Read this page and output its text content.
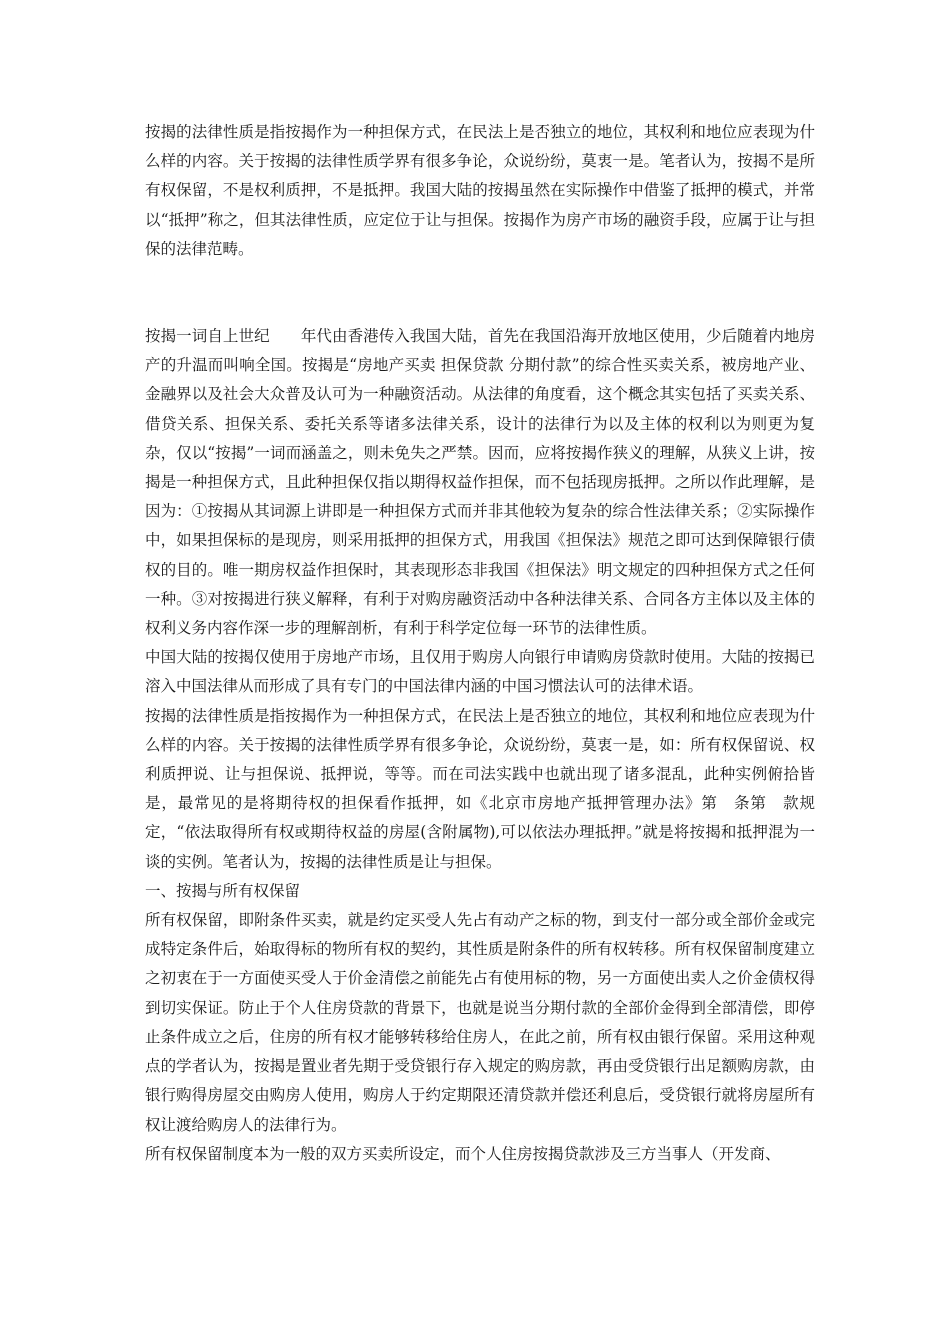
按揭的法律性质是指按揭作为一种担保方式，在民法上是否独立的地位，其权利和地位应表现为什么样的内容。关于按揭的法律性质学界有很多争论，众说纷纷，莫衷一是。笔者认为，按揭不是所有权保留，不是权利质押，不是抵押。我国大陆的按揭虽然在实际操作中借鉴了抵押的模式，并常以“抵押”称之，但其法律性质，应定位于让与担保。按揭作为房产市场的融资手段，应属于让与担保的法律范畴。

按揭一词自上世纪　　年代由香港传入我国大陆，首先在我国沿海开放地区使用，少后随着内地房产的升温而叫响全国。按揭是“房地产买卖 担保贷款 分期付款”的综合性买卖关系，被房地产业、金融界以及社会大众普及认可为一种融资活动。从法律的角度看，这个概念其实包括了买卖关系、借贷关系、担保关系、委托关系等诸多法律关系，设计的法律行为以及主体的权利以为则更为复杂，仅以“按揭”一词而涵盖之，则未免失之严禁。因而，应将按揭作狭义的理解，从狭义上讲，按揭是一种担保方式，且此种担保仅指以期得权益作担保，而不包括现房抵押。之所以作此理解，是因为：①按揭从其词源上讲即是一种担保方式而并非其他较为复杂的综合性法律关系；②实际操作中，如果担保标的是现房，则采用抵押的担保方式，用我国《担保法》规范之即可达到保障银行债权的目的。唯一期房权益作担保时，其表现形态非我国《担保法》明文规定的四种担保方式之任何一种。③对按揭进行狭义解释，有利于对购房融资活动中各种法律关系、合同各方主体以及主体的权利义务内容作深一步的理解剖析，有利于科学定位每一环节的法律性质。

中国大陆的按揭仅使用于房地产市场，且仅用于购房人向银行申请购房贷款时使用。大陆的按揭已溶入中国法律从而形成了具有专门的中国法律内涵的中国习惯法认可的法律术语。

按揭的法律性质是指按揭作为一种担保方式，在民法上是否独立的地位，其权利和地位应表现为什么样的内容。关于按揭的法律性质学界有很多争论，众说纷纷，莫衷一是，如：所有权保留说、权利质押说、让与担保说、抵押说，等等。而在司法实践中也就出现了诸多混乱，此种实例俯拾皆是，最常见的是将期待权的担保看作抵押，如《北京市房地产抵押管理办法》第　条第　款规定，“依法取得所有权或期待权益的房屋(含附属物),可以依法办理抵押。”就是将按揭和抵押混为一谈的实例。笔者认为，按揭的法律性质是让与担保。

一、按揭与所有权保留

所有权保留，即附条件买卖，就是约定买受人先占有动产之标的物，到支付一部分或全部价金或完成特定条件后，始取得标的物所有权的契约，其性质是附条件的所有权转移。所有权保留制度建立之初衷在于一方面使买受人于价金清偿之前能先占有使用标的物，另一方面使出卖人之价金债权得到切实保证。防止于个人住房贷款的背景下，也就是说当分期付款的全部价金得到全部清偿，即停止条件成立之后，住房的所有权才能够转移给住房人，在此之前，所有权由银行保留。采用这种观点的学者认为，按揭是置业者先期于受贷银行存入规定的购房款，再由受贷银行出足额购房款，由银行购得房屋交由购房人使用，购房人于约定期限还清贷款并偿还利息后，受贷银行就将房屋所有权让渡给购房人的法律行为。

所有权保留制度本为一般的双方买卖所设定，而个人住房按揭贷款涉及三方当事人（开发商、
